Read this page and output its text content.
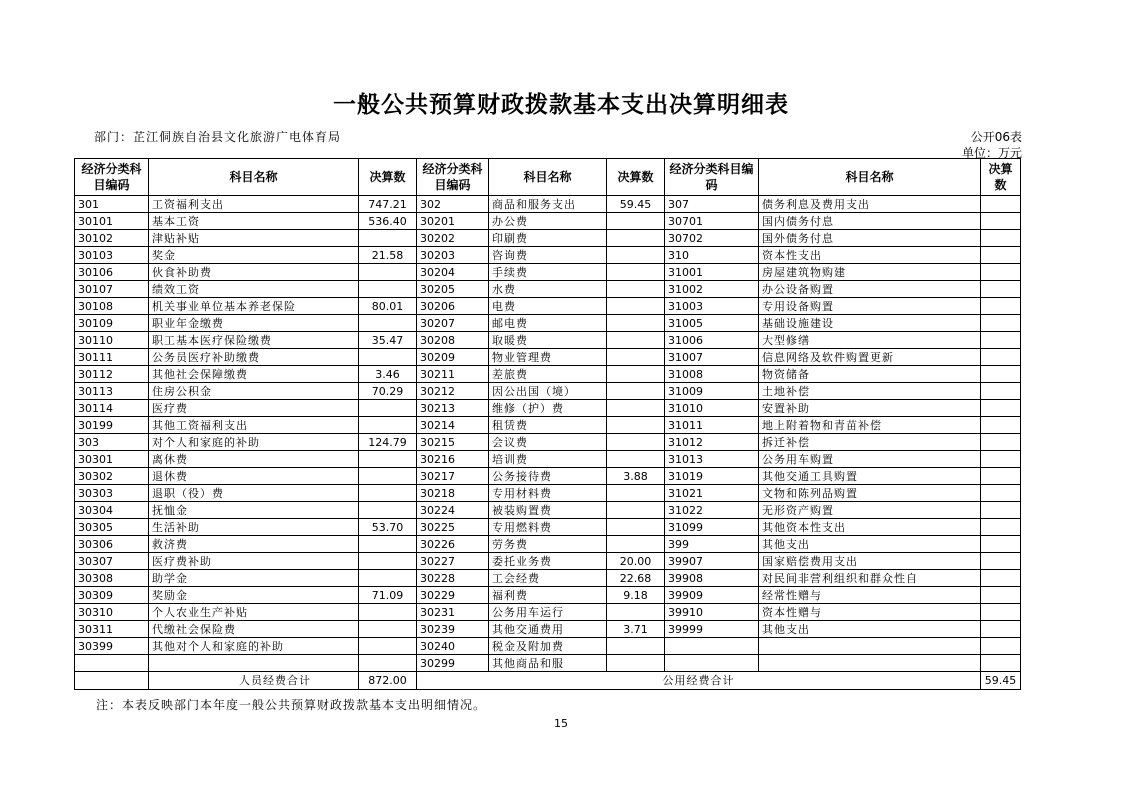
一般公共预算财政拨款基本支出决算明细表
部门：芷江侗族自治县文化旅游广电体育局	公开06表
单位：万元
经济分类科目编码	科目名称	决算数	经济分类科目编码	科目名称	决算数	经济分类科目编码	科目名称	决算数
301	工资福利支出	747.21	302	商品和服务支出	59.45	307	债务利息及费用支出	
30101	基本工资	536.40	30201	办公费		30701	国内债务付息	
30102	津贴补贴		30202	印刷费		30702	国外债务付息	
30103	奖金	21.58	30203	咨询费		310	资本性支出	
30106	伙食补助费		30204	手续费		31001	房屋建筑物购建	
30107	绩效工资		30205	水费		31002	办公设备购置	
30108	机关事业单位基本养老保险	80.01	30206	电费		31003	专用设备购置	
30109	职业年金缴费		30207	邮电费		31005	基础设施建设	
30110	职工基本医疗保险缴费	35.47	30208	取暖费		31006	大型修缮	
30111	公务员医疗补助缴费		30209	物业管理费		31007	信息网络及软件购置更新	
30112	其他社会保障缴费	3.46	30211	差旅费		31008	物资储备	
30113	住房公积金	70.29	30212	因公出国（境）		31009	土地补偿	
30114	医疗费		30213	维修（护）费		31010	安置补助	
30199	其他工资福利支出		30214	租赁费		31011	地上附着物和青苗补偿	
303	对个人和家庭的补助	124.79	30215	会议费		31012	拆迁补偿	
30301	离休费		30216	培训费		31013	公务用车购置	
30302	退休费		30217	公务接待费	3.88	31019	其他交通工具购置	
30303	退职（役）费		30218	专用材料费		31021	文物和陈列品购置	
30304	抚恤金		30224	被装购置费		31022	无形资产购置	
30305	生活补助	53.70	30225	专用燃料费		31099	其他资本性支出	
30306	救济费		30226	劳务费		399	其他支出	
30307	医疗费补助		30227	委托业务费	20.00	39907	国家赔偿费用支出	
30308	助学金		30228	工会经费	22.68	39908	对民间非营利组织和群众性自	
30309	奖励金	71.09	30229	福利费	9.18	39909	经常性赠与	
30310	个人农业生产补贴		30231	公务用车运行		39910	资本性赠与	
30311	代缴社会保险费		30239	其他交通费用	3.71	39999	其他支出	
30399	其他对个人和家庭的补助		30240	税金及附加费				
			30299	其他商品和服				
	人员经费合计	872.00	公用经费合计					59.45
注：本表反映部门本年度一般公共预算财政拨款基本支出明细情况。
15
